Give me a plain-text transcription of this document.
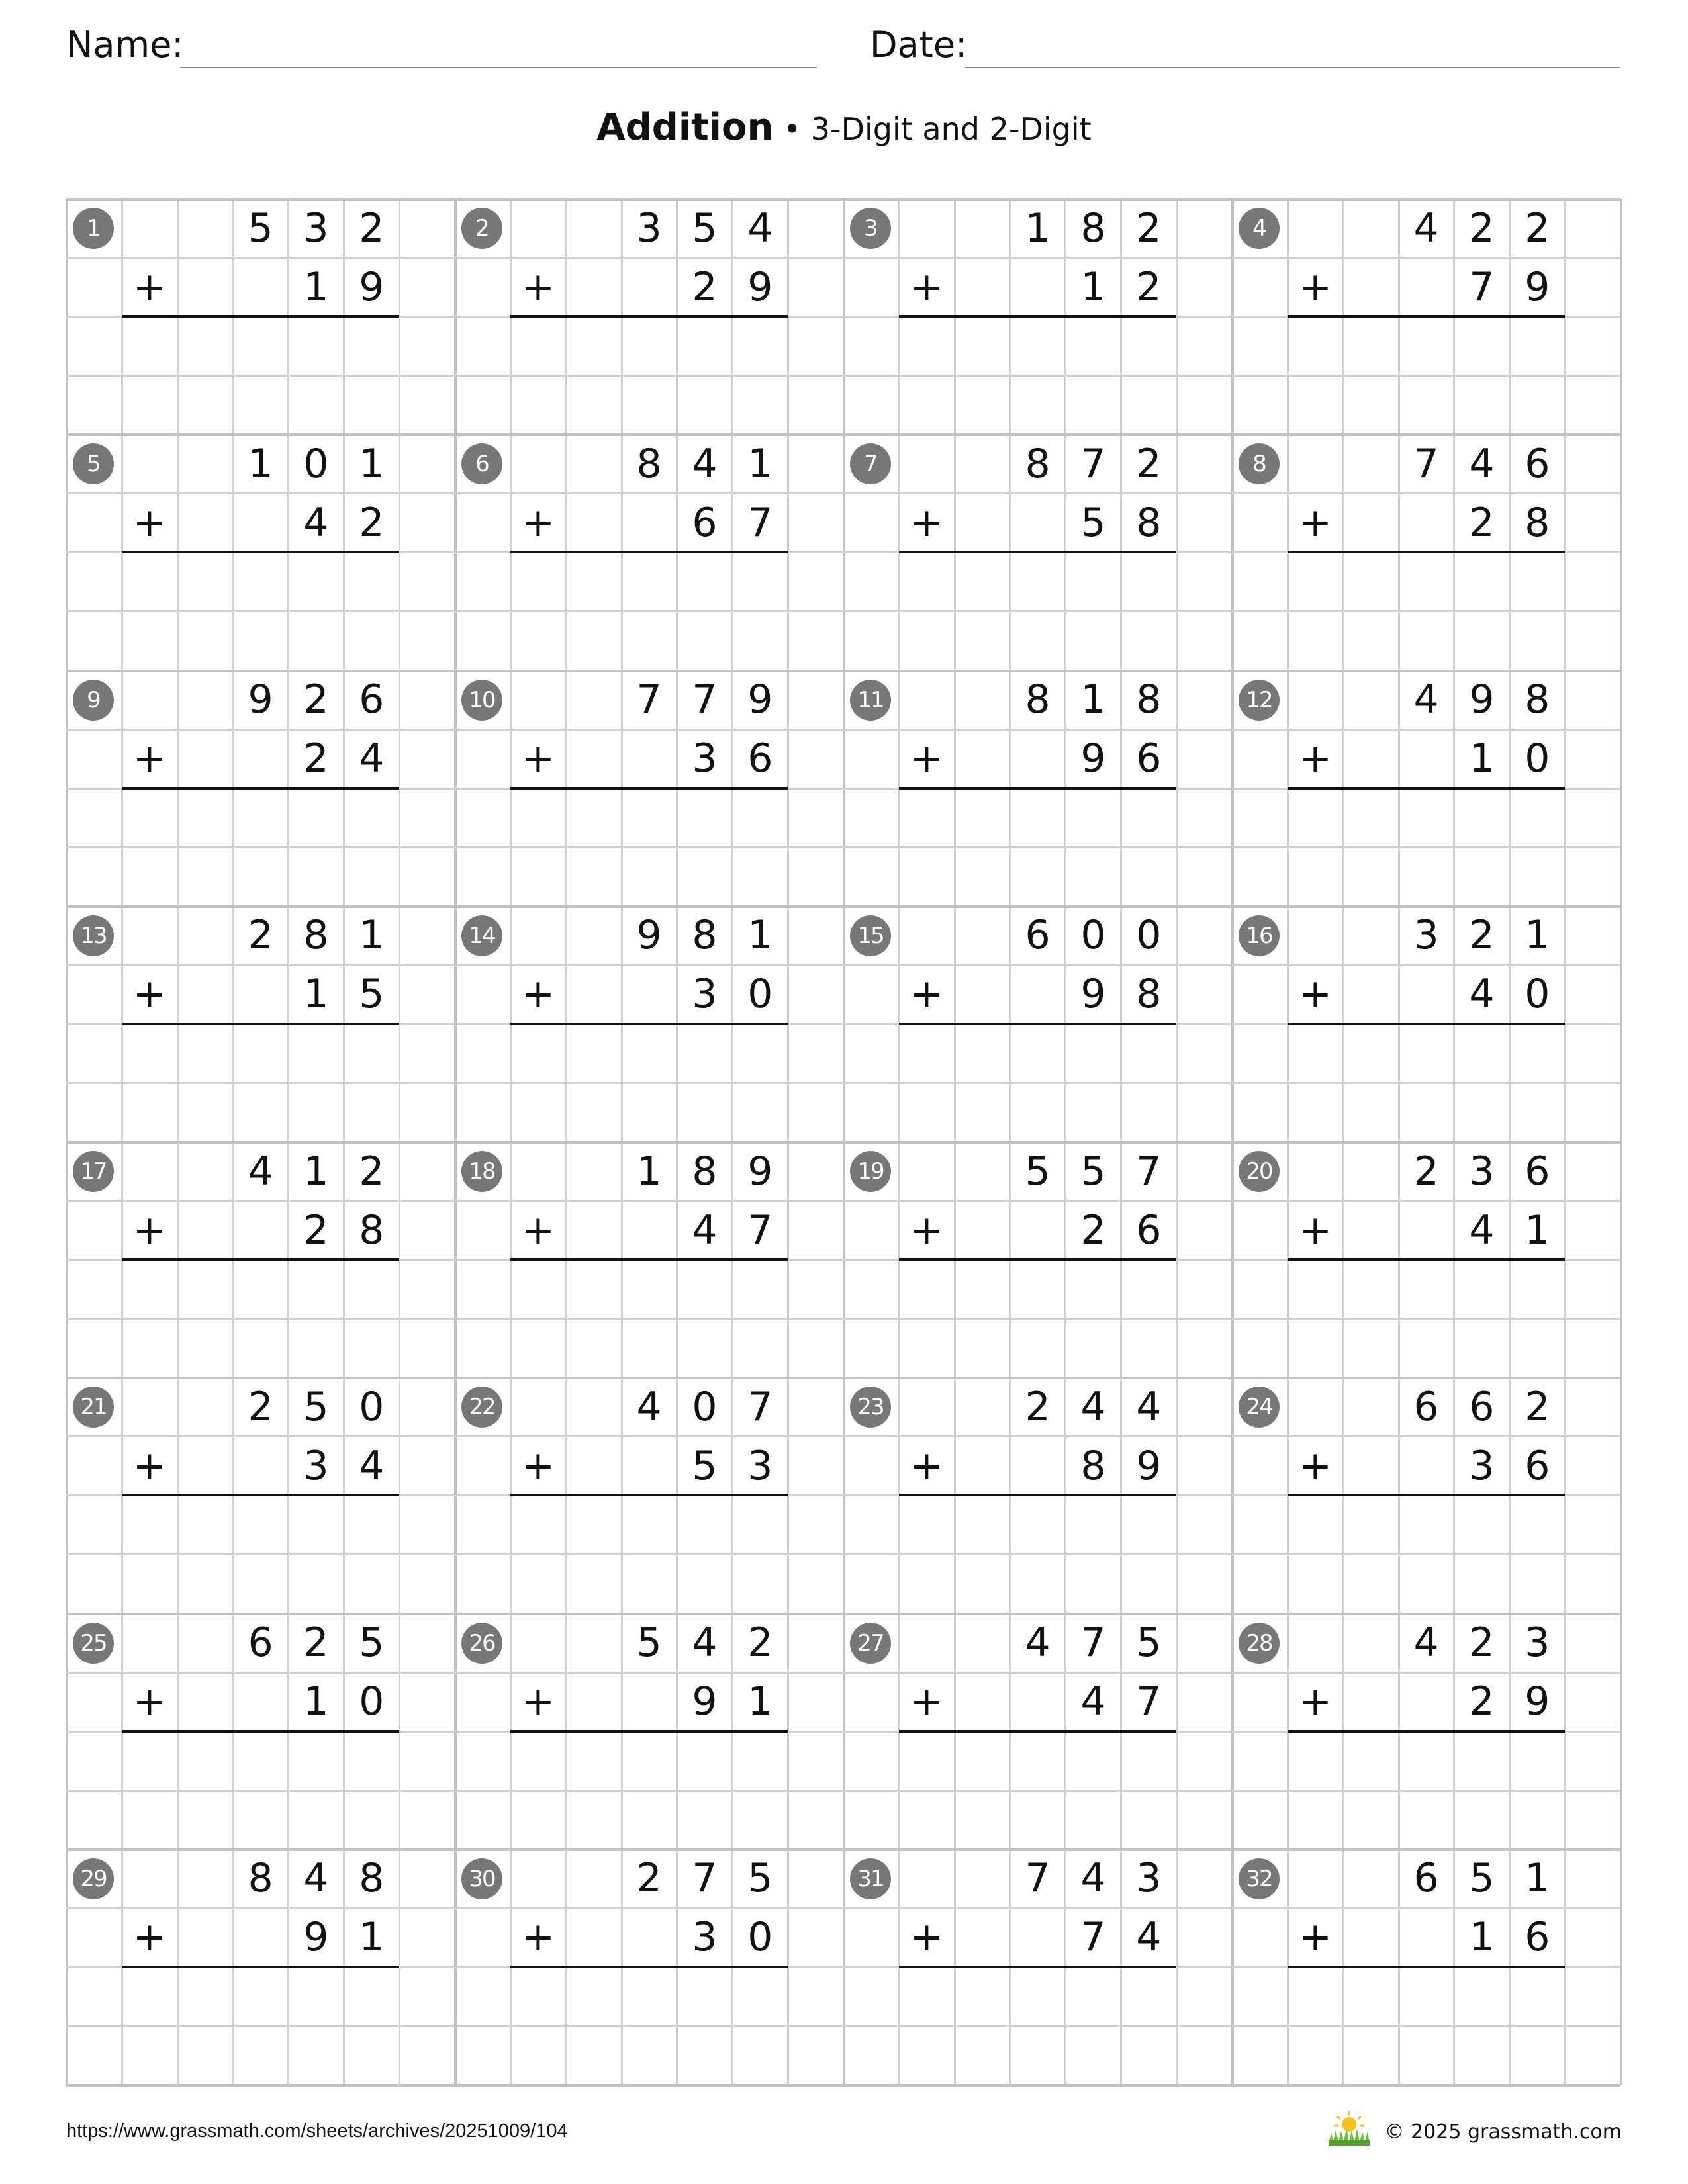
Name:	Date:
Addition • 3-Digit and 2-Digit
1	5 3 2
+	1 9
2	3 5 4
+	2 9
3	1 8 2
+	1 2
4	4 2 2
+	7 9
5	1 0 1
+	4 2
6	8 4 1
+	6 7
7	8 7 2
+	5 8
8	7 4 6
+	2 8
9	9 2 6
+	2 4
10	7 7 9
+	3 6
11	8 1 8
+	9 6
12	4 9 8
+	1 0
13	2 8 1
+	1 5
14	9 8 1
+	3 0
15	6 0 0
+	9 8
16	3 2 1
+	4 0
17	4 1 2
+	2 8
18	1 8 9
+	4 7
19	5 5 7
+	2 6
20	2 3 6
+	4 1
21	2 5 0
+	3 4
22	4 0 7
+	5 3
23	2 4 4
+	8 9
24	6 6 2
+	3 6
25	6 2 5
+	1 0
26	5 4 2
+	9 1
27	4 7 5
+	4 7
28	4 2 3
+	2 9
29	8 4 8
+	9 1
30	2 7 5
+	3 0
31	7 4 3
+	7 4
32	6 5 1
+	1 6
https://www.grassmath.com/sheets/archives/20251009/104	© 2025 grassmath.com
